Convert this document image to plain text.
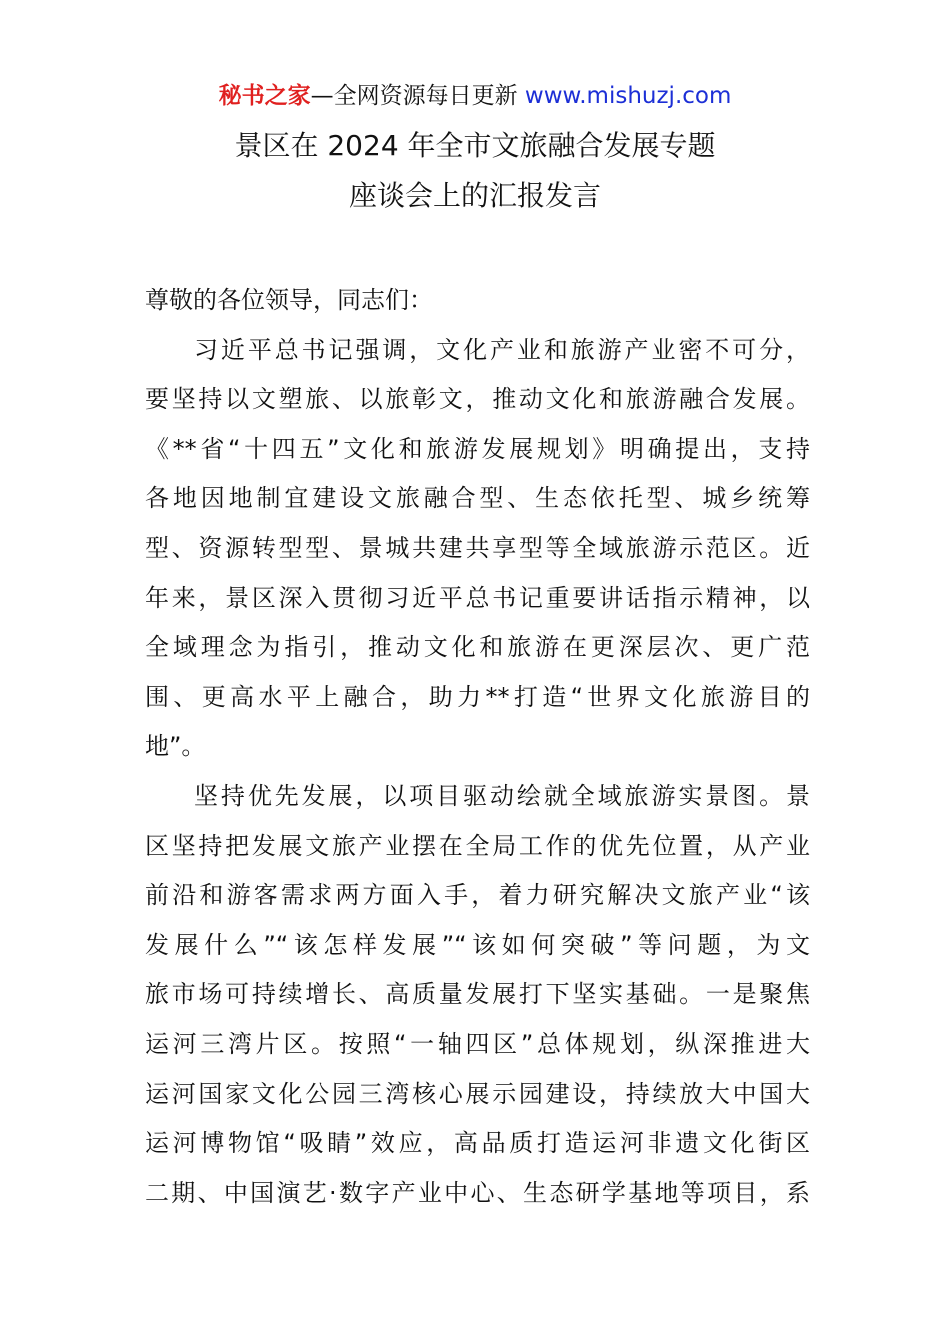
秘书之家—全网资源每日更新 www.mishuzj.com
景区在 2024 年全市文旅融合发展专题
座谈会上的汇报发言
尊敬的各位领导，同志们：
习近平总书记强调，文化产业和旅游产业密不可分，
要坚持以文塑旅、以旅彰文，推动文化和旅游融合发展。
《**省“十四五”文化和旅游发展规划》明确提出，支持
各地因地制宜建设文旅融合型、生态依托型、城乡统筹
型、资源转型型、景城共建共享型等全域旅游示范区。近
年来，景区深入贯彻习近平总书记重要讲话指示精神，以
全域理念为指引，推动文化和旅游在更深层次、更广范
围、更高水平上融合，助力**打造“世界文化旅游目的
地”。
坚持优先发展，以项目驱动绘就全域旅游实景图。景
区坚持把发展文旅产业摆在全局工作的优先位置，从产业
前沿和游客需求两方面入手，着力研究解决文旅产业“该
发展什么”“该怎样发展”“该如何突破”等问题，为文
旅市场可持续增长、高质量发展打下坚实基础。一是聚焦
运河三湾片区。按照“一轴四区”总体规划，纵深推进大
运河国家文化公园三湾核心展示园建设，持续放大中国大
运河博物馆“吸睛”效应，高品质打造运河非遗文化街区
二期、中国演艺·数字产业中心、生态研学基地等项目，系
